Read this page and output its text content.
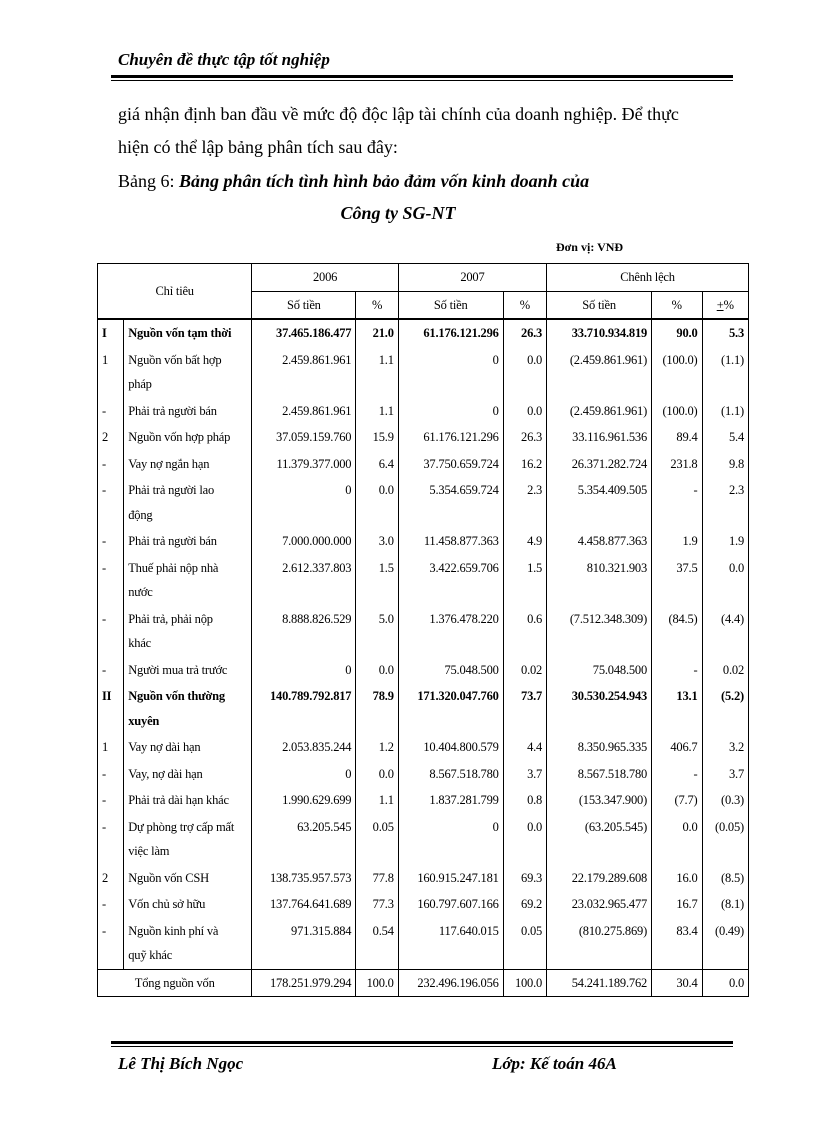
Chuyên đề thực tập tốt nghiệp
giá nhận định ban đầu về mức độ độc lập tài chính của doanh nghiệp. Để thực
hiện có thể lập bảng phân tích sau đây:
Bảng 6: Bảng phân tích tình hình bảo đảm vốn kinh doanh của
Công ty SG-NT
Đơn vị: VNĐ
Chỉ tiêu		2006		2007		Chênh lệch		
		Số tiền	%	Số tiền	%	Số tiền	%	+%
I	Nguồn vốn tạm thời	37.465.186.477	21.0	61.176.121.296	26.3	33.710.934.819	90.0	5.3
1	Nguồn vốn bất hợp
pháp	2.459.861.961	1.1	0	0.0	(2.459.861.961)	(100.0)	(1.1)
-	Phải trả người bán	2.459.861.961	1.1	0	0.0	(2.459.861.961)	(100.0)	(1.1)
2	Nguồn vốn hợp pháp	37.059.159.760	15.9	61.176.121.296	26.3	33.116.961.536	89.4	5.4
-	Vay nợ ngắn hạn	11.379.377.000	6.4	37.750.659.724	16.2	26.371.282.724	231.8	9.8
-	Phải trả người lao
động	0	0.0	5.354.659.724	2.3	5.354.409.505	-	2.3
-	Phải trả người bán	7.000.000.000	3.0	11.458.877.363	4.9	4.458.877.363	1.9	1.9
-	Thuế phải nộp nhà
nước	2.612.337.803	1.5	3.422.659.706	1.5	810.321.903	37.5	0.0
-	Phải trả, phải nộp
khác	8.888.826.529	5.0	1.376.478.220	0.6	(7.512.348.309)	(84.5)	(4.4)
-	Người mua trả trước	0	0.0	75.048.500	0.02	75.048.500	-	0.02
II	Nguồn vốn thường
xuyên	140.789.792.817	78.9	171.320.047.760	73.7	30.530.254.943	13.1	(5.2)
1	Vay nợ dài hạn	2.053.835.244	1.2	10.404.800.579	4.4	8.350.965.335	406.7	3.2
-	Vay, nợ dài hạn	0	0.0	8.567.518.780	3.7	8.567.518.780	-	3.7
-	Phải trả dài hạn khác	1.990.629.699	1.1	1.837.281.799	0.8	(153.347.900)	(7.7)	(0.3)
-	Dự phòng trợ cấp mất
việc làm	63.205.545	0.05	0	0.0	(63.205.545)	0.0	(0.05)
2	Nguồn vốn CSH	138.735.957.573	77.8	160.915.247.181	69.3	22.179.289.608	16.0	(8.5)
-	Vốn chủ sở hữu	137.764.641.689	77.3	160.797.607.166	69.2	23.032.965.477	16.7	(8.1)
-	Nguồn kinh phí và
quỹ khác	971.315.884	0.54	117.640.015	0.05	(810.275.869)	83.4	(0.49)
Tổng nguồn vốn		178.251.979.294	100.0	232.496.196.056	100.0	54.241.189.762	30.4	0.0
Lê Thị Bích Ngọc	Lớp: Kế toán 46A
